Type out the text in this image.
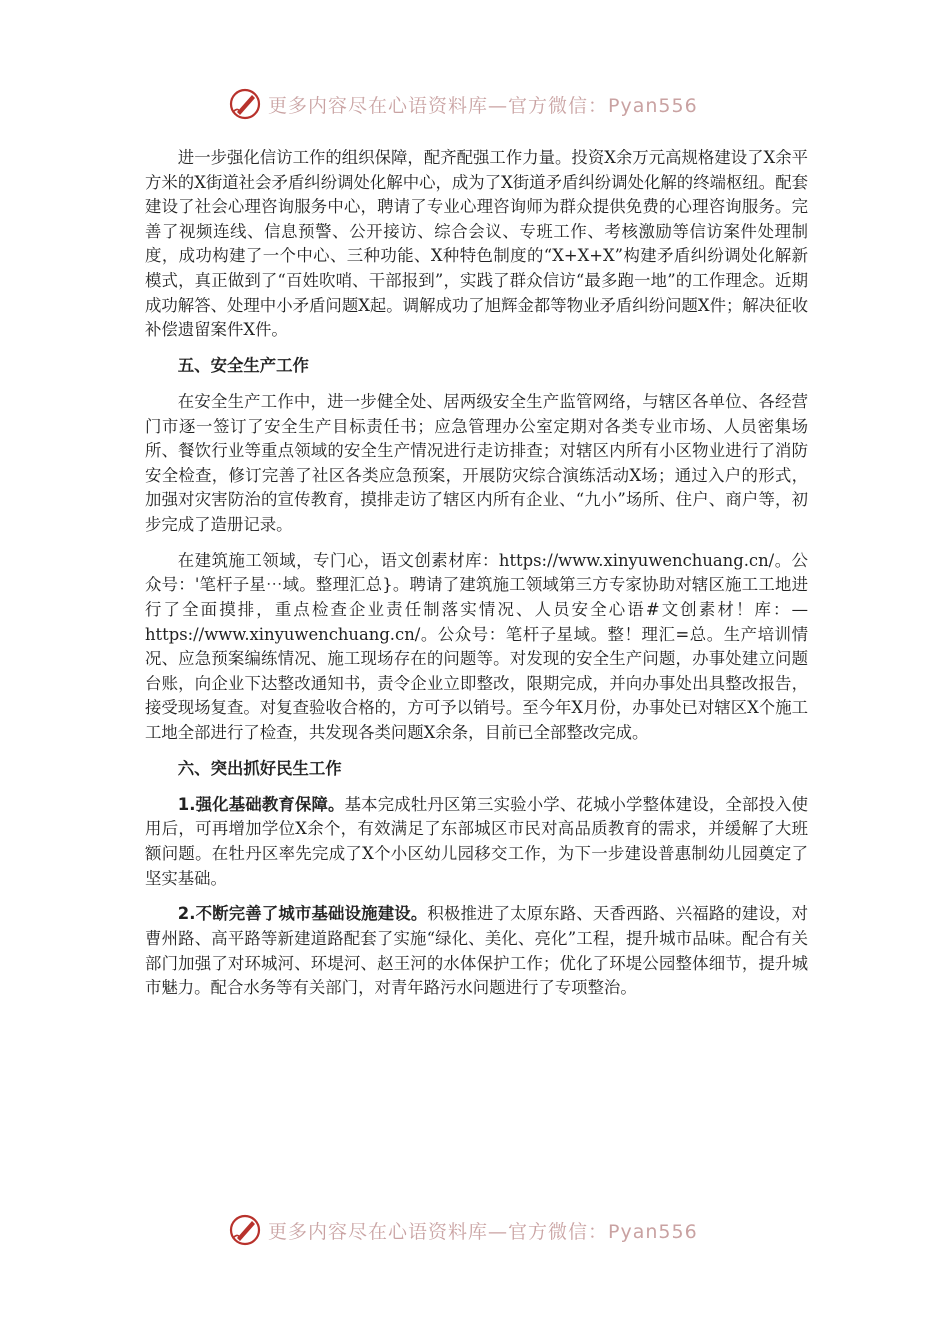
更多内容尽在心语资料库—官方微信：Pyan556

进一步强化信访工作的组织保障，配齐配强工作力量。投资X余万元高规格建设了X余平方米的X街道社会矛盾纠纷调处化解中心，成为了X街道矛盾纠纷调处化解的终端枢纽。配套建设了社会心理咨询服务中心，聘请了专业心理咨询师为群众提供免费的心理咨询服务。完善了视频连线、信息预警、公开接访、综合会议、专班工作、考核激励等信访案件处理制度，成功构建了一个中心、三种功能、X种特色制度的“X+X+X”构建矛盾纠纷调处化解新模式，真正做到了“百姓吹哨、干部报到”，实践了群众信访“最多跑一地”的工作理念。近期成功解答、处理中小矛盾问题X起。调解成功了旭辉金都等物业矛盾纠纷问题X件；解决征收补偿遗留案件X件。

五、安全生产工作

在安全生产工作中，进一步健全处、居两级安全生产监管网络，与辖区各单位、各经营门市逐一签订了安全生产目标责任书；应急管理办公室定期对各类专业市场、人员密集场所、餐饮行业等重点领域的安全生产情况进行走访排查；对辖区内所有小区物业进行了消防安全检查，修订完善了社区各类应急预案，开展防灾综合演练活动X场；通过入户的形式，加强对灾害防治的宣传教育，摸排走访了辖区内所有企业、“九小”场所、住户、商户等，初步完成了造册记录。

在建筑施工领域，专门心，语文创素材库：https://www.xinyuwenchuang.cn/。公众号：'笔杆子星⋯域。整理汇总}。聘请了建筑施工领域第三方专家协助对辖区施工工地进行了全面摸排，重点检查企业责任制落实情况、人员安全心语#文创素材！库：—https://www.xinyuwenchuang.cn/。公众号：笔杆子星域。整！理汇=总。生产培训情况、应急预案编练情况、施工现场存在的问题等。对发现的安全生产问题，办事处建立问题台账，向企业下达整改通知书，责令企业立即整改，限期完成，并向办事处出具整改报告，接受现场复查。对复查验收合格的，方可予以销号。至今年X月份，办事处已对辖区X个施工工地全部进行了检查，共发现各类问题X余条，目前已全部整改完成。

六、突出抓好民生工作

1.强化基础教育保障。基本完成牡丹区第三实验小学、花城小学整体建设，全部投入使用后，可再增加学位X余个，有效满足了东部城区市民对高品质教育的需求，并缓解了大班额问题。在牡丹区率先完成了X个小区幼儿园移交工作，为下一步建设普惠制幼儿园奠定了坚实基础。

2.不断完善了城市基础设施建设。积极推进了太原东路、天香西路、兴福路的建设，对曹州路、高平路等新建道路配套了实施“绿化、美化、亮化”工程，提升城市品味。配合有关部门加强了对环城河、环堤河、赵王河的水体保护工作；优化了环堤公园整体细节，提升城市魅力。配合水务等有关部门，对青年路污水问题进行了专项整治。

更多内容尽在心语资料库—官方微信：Pyan556
